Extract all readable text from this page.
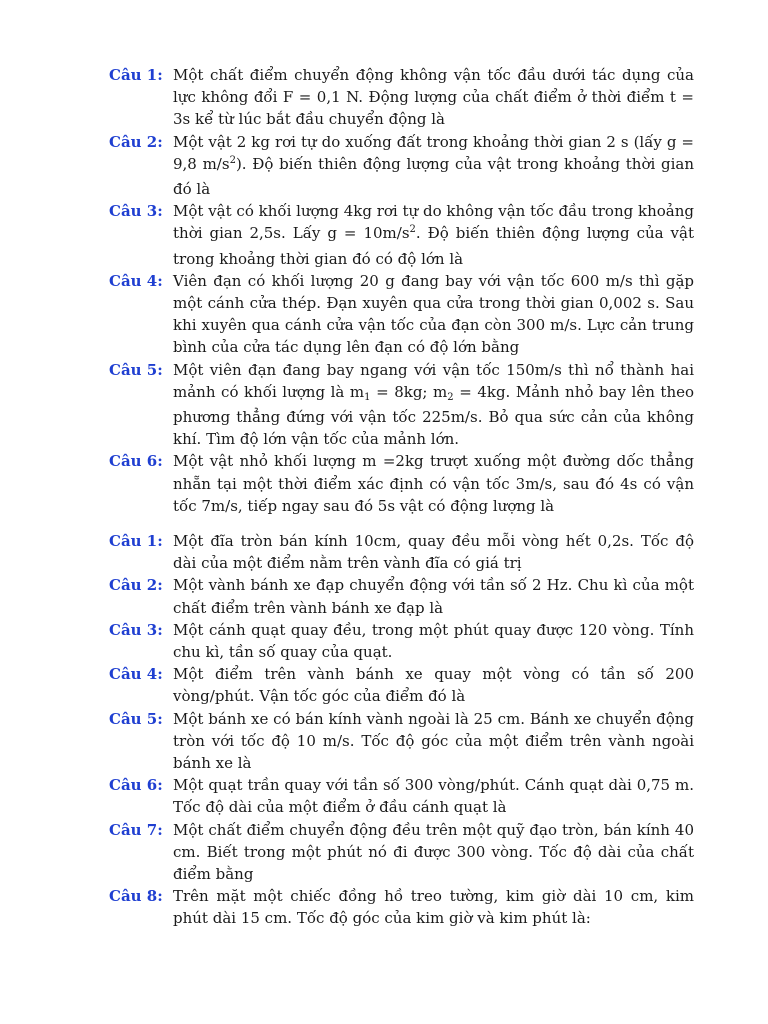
Câu 1: Một chất điểm chuyển động không vận tốc đầu dưới tác dụng của lực không đổi F = 0,1 N. Động lượng của chất điểm ở thời điểm t = 3s kể từ lúc bắt đầu chuyển động là
Câu 2: Một vật 2 kg rơi tự do xuống đất trong khoảng thời gian 2 s (lấy g = 9,8 $m/s^2$). Độ biến thiên động lượng của vật trong khoảng thời gian đó là
Câu 3: Một vật có khối lượng 4kg rơi tự do không vận tốc đầu trong khoảng thời gian 2,5s. Lấy $g = 10m/s^2$. Độ biến thiên động lượng của vật trong khoảng thời gian đó có độ lớn là
Câu 4: Viên đạn có khối lượng 20 g đang bay với vận tốc 600 m/s thì gặp một cánh cửa thép. Đạn xuyên qua cửa trong thời gian 0,002 s. Sau khi xuyên qua cánh cửa vận tốc của đạn còn 300 m/s. Lực cản trung bình của cửa tác dụng lên đạn có độ lớn bằng
Câu 5: Một viên đạn đang bay ngang với vận tốc 150m/s thì nổ thành hai mảnh có khối lượng là $m_1 = 8kg$; $m_2 = 4kg$. Mảnh nhỏ bay lên theo phương thẳng đứng với vận tốc 225m/s. Bỏ qua sức cản của không khí. Tìm độ lớn vận tốc của mảnh lớn.
Câu 6: Một vật nhỏ khối lượng m =2kg trượt xuống một đường dốc thẳng nhẵn tại một thời điểm xác định có vận tốc 3m/s, sau đó 4s có vận tốc 7m/s, tiếp ngay sau đó 5s vật có động lượng là
Câu 1: Một đĩa tròn bán kính 10cm, quay đều mỗi vòng hết 0,2s. Tốc độ dài của một điểm nằm trên vành đĩa có giá trị
Câu 2: Một vành bánh xe đạp chuyển động với tần số 2 Hz. Chu kì của một chất điểm trên vành bánh xe đạp là
Câu 3: Một cánh quạt quay đều, trong một phút quay được 120 vòng. Tính chu kì, tần số quay của quạt.
Câu 4: Một điểm trên vành bánh xe quay một vòng có tần số 200 vòng/phút. Vận tốc góc của điểm đó là
Câu 5: Một bánh xe có bán kính vành ngoài là 25 cm. Bánh xe chuyển động tròn với tốc độ 10 m/s. Tốc độ góc của một điểm trên vành ngoài bánh xe là
Câu 6: Một quạt trần quay với tần số 300 vòng/phút. Cánh quạt dài 0,75 m. Tốc độ dài của một điểm ở đầu cánh quạt là
Câu 7: Một chất điểm chuyển động đều trên một quỹ đạo tròn, bán kính 40 cm. Biết trong một phút nó đi được 300 vòng. Tốc độ dài của chất điểm bằng
Câu 8: Trên mặt một chiếc đồng hồ treo tường, kim giờ dài 10 cm, kim phút dài 15 cm. Tốc độ góc của kim giờ và kim phút là:
